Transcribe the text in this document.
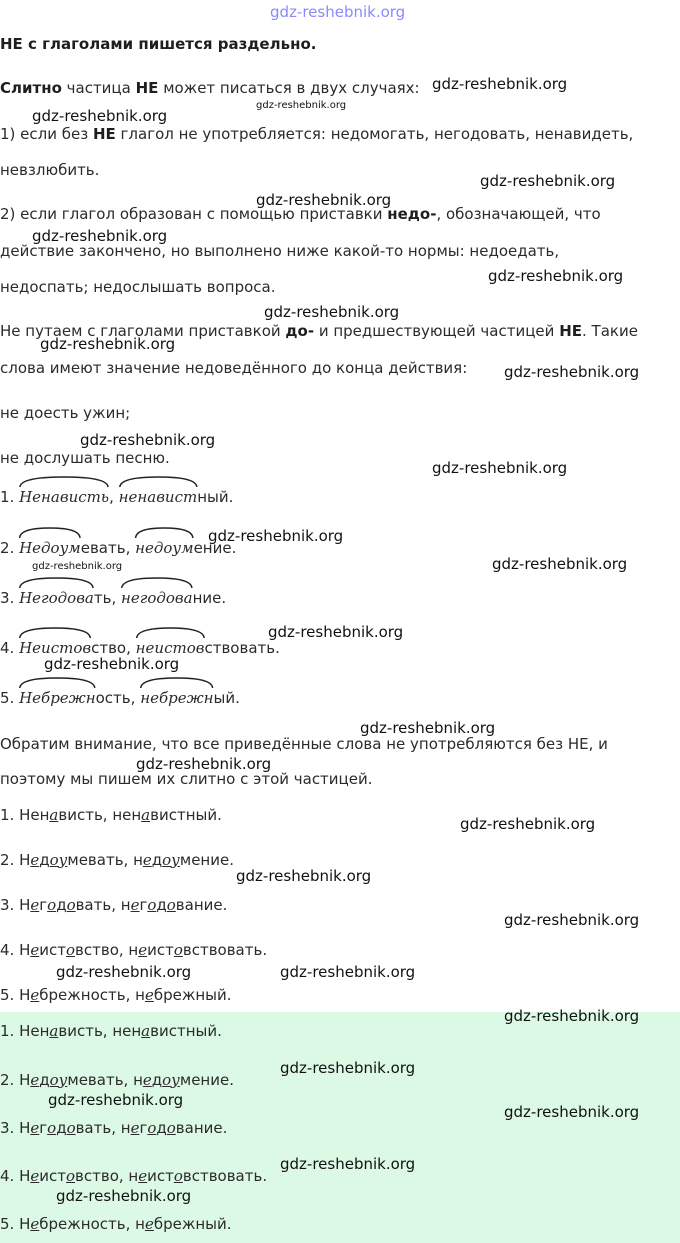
gdz-reshebnik.org
НЕ с глаголами пишется раздельно.
Слитно частица НЕ может писаться в двух случаях:
1) если без НЕ глагол не употребляется: недомогать, негодовать, ненавидеть,
невзлюбить.
2) если глагол образован с помощью приставки недо-, обозначающей, что
действие закончено, но выполнено ниже какой-то нормы: недоедать,
недоспать; недослышать вопроса.
Не путаем с глаголами приставкой до- и предшествующей частицей НЕ. Такие
слова имеют значение недоведённого до конца действия:
не доесть ужин;
не дослушать песню.
1.
Ненависть,
ненавистный.
2.
Недоумевать,
недоумение.
3.
Негодовать,
негодование.
4.
Неистовство,
неистовствовать.
5.
Небрежность,
небрежный.
Обратим внимание, что все приведённые слова не употребляются без НЕ, и
поэтому мы пишем их слитно с этой частицей.
1. Ненависть, ненавистный.
2. Недоумевать, недоумение.
3. Негодовать, негодование.
4. Неистовство, неистовствовать.
5. Небрежность, небрежный.
1. Ненависть, ненавистный.
2. Недоумевать, недоумение.
3. Негодовать, негодование.
4. Неистовство, неистовствовать.
5. Небрежность, небрежный.
gdz-reshebnik.org
gdz-reshebnik.org
gdz-reshebnik.org
gdz-reshebnik.org
gdz-reshebnik.org
gdz-reshebnik.org
gdz-reshebnik.org
gdz-reshebnik.org
gdz-reshebnik.org
gdz-reshebnik.org
gdz-reshebnik.org
gdz-reshebnik.org
gdz-reshebnik.org
gdz-reshebnik.org	gdz-reshebnik.org
gdz-reshebnik.org
gdz-reshebnik.org
gdz-reshebnik.org
gdz-reshebnik.org
gdz-reshebnik.org
gdz-reshebnik.org
gdz-reshebnik.org
gdz-reshebnik.org	gdz-reshebnik.org
gdz-reshebnik.org
gdz-reshebnik.org
gdz-reshebnik.org
gdz-reshebnik.org
gdz-reshebnik.org
gdz-reshebnik.org
